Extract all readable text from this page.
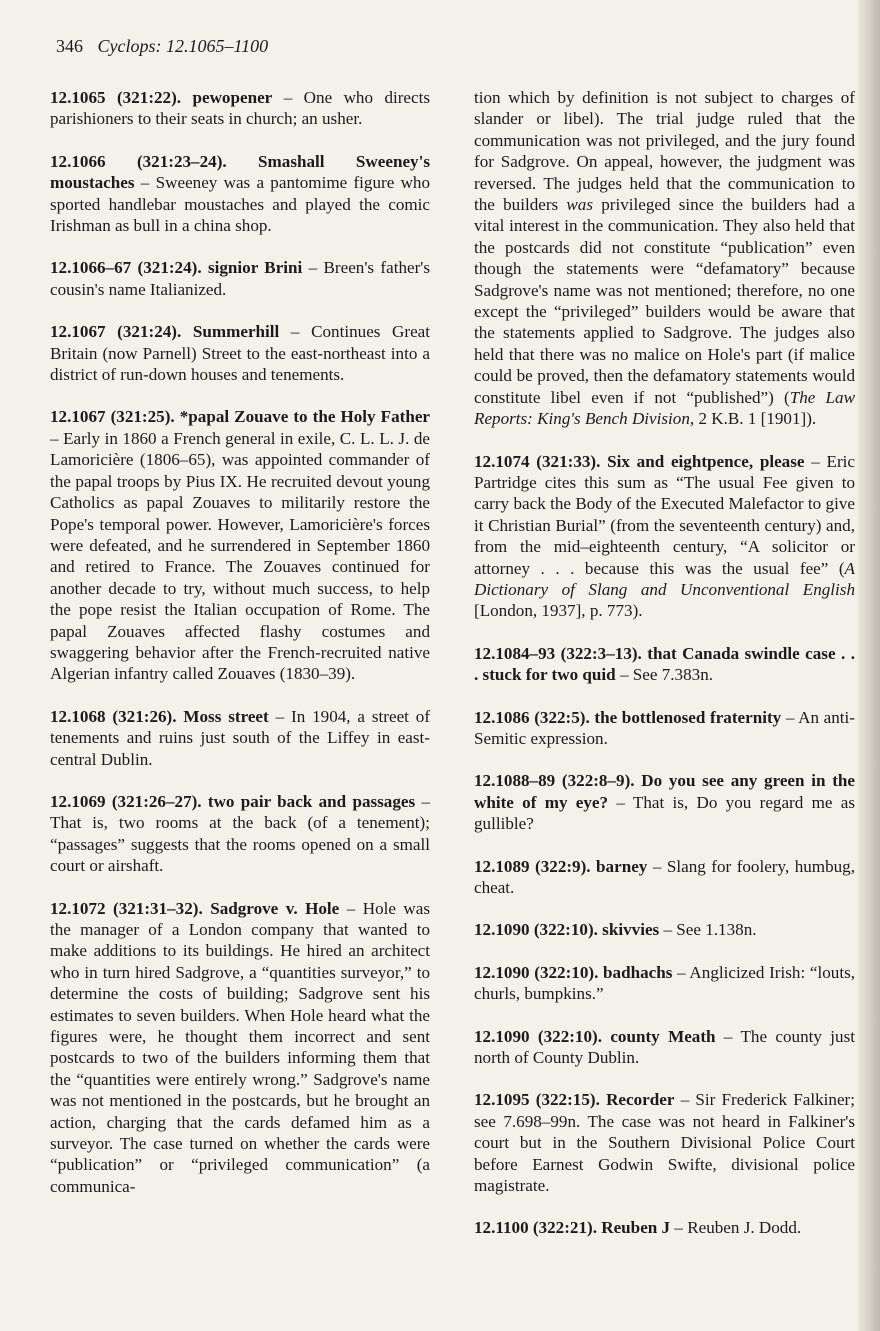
346 Cyclops: 12.1065–1100

12.1065 (321:22). pewopener – One who directs parishioners to their seats in church; an usher.

12.1066 (321:23–24). Smashall Sweeney's moustaches – Sweeney was a pantomime figure who sported handlebar moustaches and played the comic Irishman as bull in a china shop.

12.1066–67 (321:24). signior Brini – Breen's father's cousin's name Italianized.

12.1067 (321:24). Summerhill – Continues Great Britain (now Parnell) Street to the east-northeast into a district of run-down houses and tenements.

12.1067 (321:25). *papal Zouave to the Holy Father – Early in 1860 a French general in exile, C. L. L. J. de Lamoricière (1806–65), was appointed commander of the papal troops by Pius IX. He recruited devout young Catholics as papal Zouaves to militarily restore the Pope's temporal power. However, Lamoricière's forces were defeated, and he surrendered in September 1860 and retired to France. The Zouaves continued for another decade to try, without much success, to help the pope resist the Italian occupation of Rome. The papal Zouaves affected flashy costumes and swaggering behavior after the French-recruited native Algerian infantry called Zouaves (1830–39).

12.1068 (321:26). Moss street – In 1904, a street of tenements and ruins just south of the Liffey in east-central Dublin.

12.1069 (321:26–27). two pair back and passages – That is, two rooms at the back (of a tenement); “passages” suggests that the rooms opened on a small court or airshaft.

12.1072 (321:31–32). Sadgrove v. Hole – Hole was the manager of a London company that wanted to make additions to its buildings. He hired an architect who in turn hired Sadgrove, a “quantities surveyor,” to determine the costs of building; Sadgrove sent his estimates to seven builders. When Hole heard what the figures were, he thought them incorrect and sent postcards to two of the builders informing them that the “quantities were entirely wrong.” Sadgrove's name was not mentioned in the postcards, but he brought an action, charging that the cards defamed him as a surveyor. The case turned on whether the cards were “publication” or “privileged communication” (a communica-

tion which by definition is not subject to charges of slander or libel). The trial judge ruled that the communication was not privileged, and the jury found for Sadgrove. On appeal, however, the judgment was reversed. The judges held that the communication to the builders was privileged since the builders had a vital interest in the communication. They also held that the postcards did not constitute “publication” even though the statements were “defamatory” because Sadgrove's name was not mentioned; therefore, no one except the “privileged” builders would be aware that the statements applied to Sadgrove. The judges also held that there was no malice on Hole's part (if malice could be proved, then the defamatory statements would constitute libel even if not “published”) (The Law Reports: King's Bench Division, 2 K.B. 1 [1901]).

12.1074 (321:33). Six and eightpence, please – Eric Partridge cites this sum as “The usual Fee given to carry back the Body of the Executed Malefactor to give it Christian Burial” (from the seventeenth century) and, from the mid–eighteenth century, “A solicitor or attorney . . . because this was the usual fee” (A Dictionary of Slang and Unconventional English [London, 1937], p. 773).

12.1084–93 (322:3–13). that Canada swindle case . . . stuck for two quid – See 7.383n.

12.1086 (322:5). the bottlenosed fraternity – An anti-Semitic expression.

12.1088–89 (322:8–9). Do you see any green in the white of my eye? – That is, Do you regard me as gullible?

12.1089 (322:9). barney – Slang for foolery, humbug, cheat.

12.1090 (322:10). skivvies – See 1.138n.

12.1090 (322:10). badhachs – Anglicized Irish: “louts, churls, bumpkins.”

12.1090 (322:10). county Meath – The county just north of County Dublin.

12.1095 (322:15). Recorder – Sir Frederick Falkiner; see 7.698–99n. The case was not heard in Falkiner's court but in the Southern Divisional Police Court before Earnest Godwin Swifte, divisional police magistrate.

12.1100 (322:21). Reuben J – Reuben J. Dodd.
